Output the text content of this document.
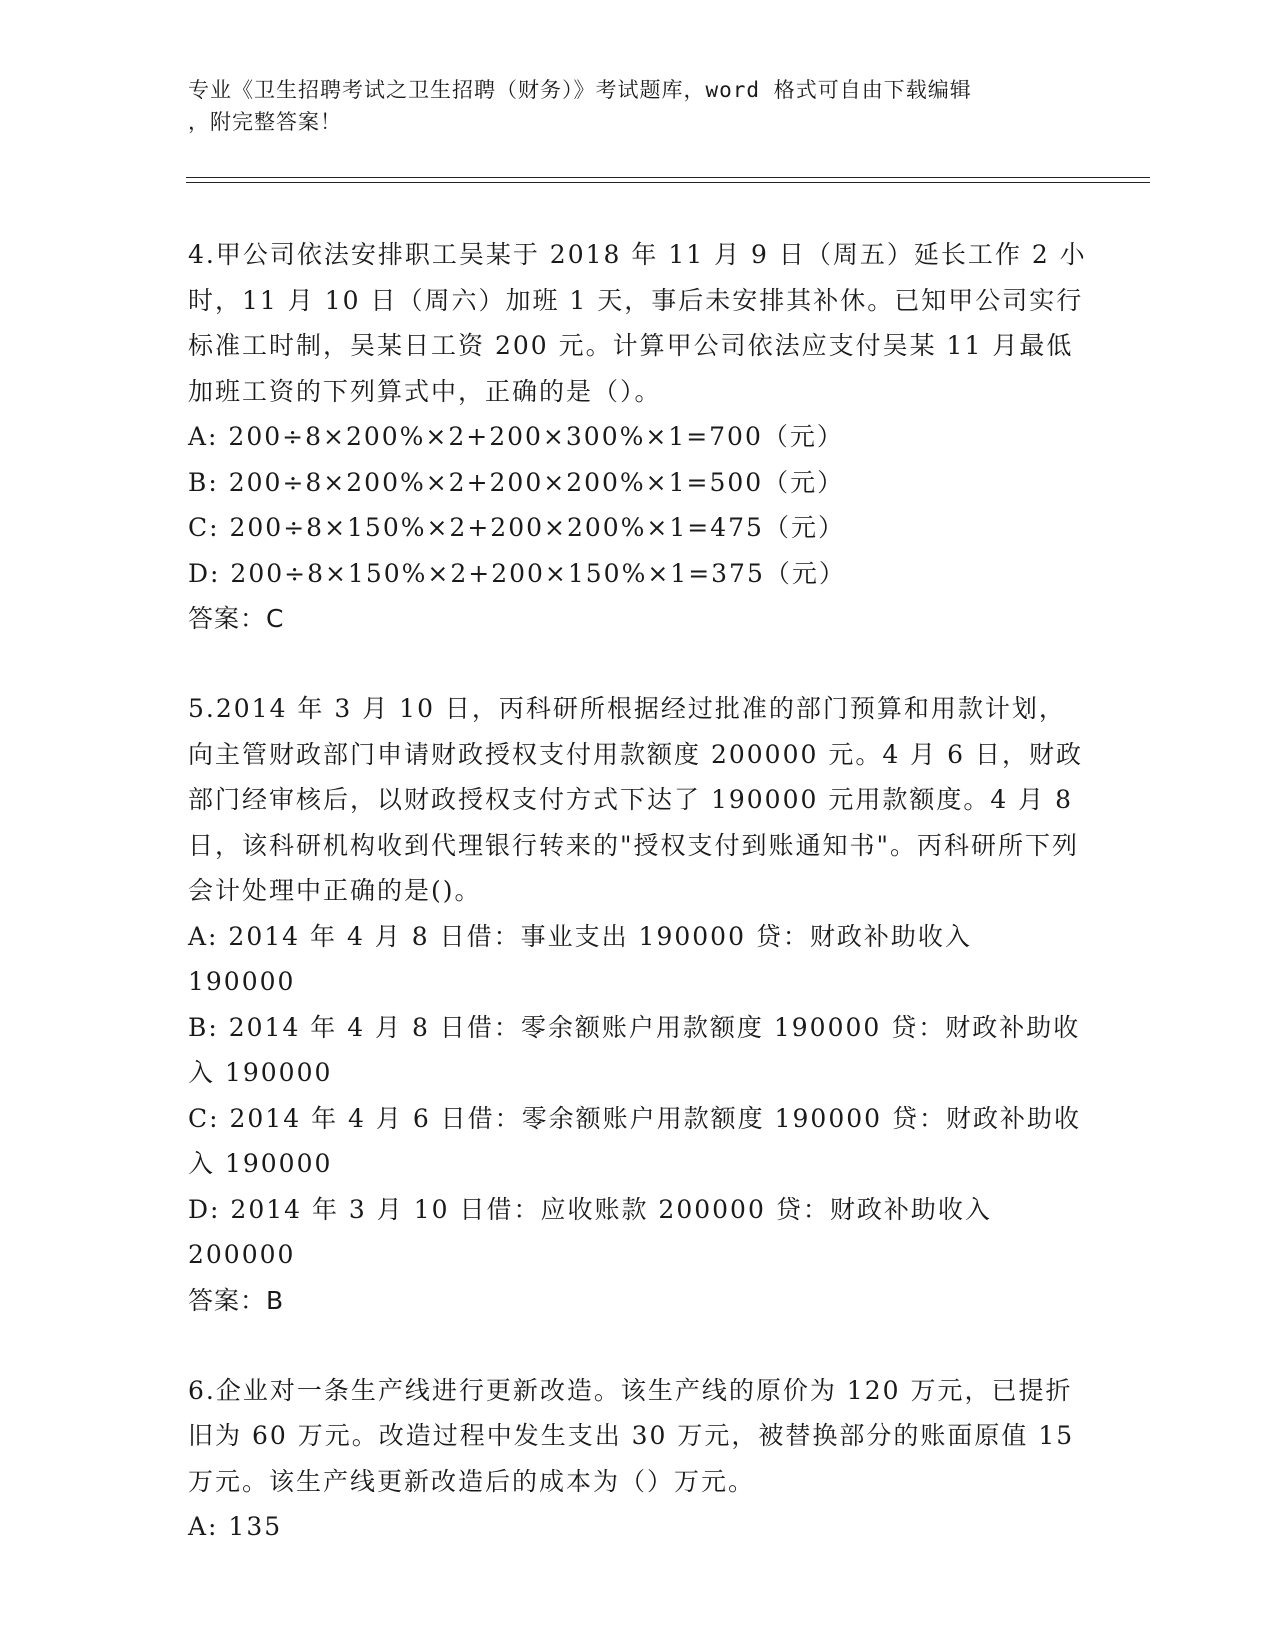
专业《卫生招聘考试之卫生招聘（财务）》考试题库，word 格式可自由下载编辑

，附完整答案！

4.甲公司依法安排职工吴某于 2018 年 11 月 9 日（周五）延长工作 2 小时，11 月 10 日（周六）加班 1 天，事后未安排其补休。已知甲公司实行标准工时制，吴某日工资 200 元。计算甲公司依法应支付吴某 11 月最低加班工资的下列算式中，正确的是（）。

A: 200÷8×200%×2+200×300%×1=700（元）

B: 200÷8×200%×2+200×200%×1=500（元）

C: 200÷8×150%×2+200×200%×1=475（元）

D: 200÷8×150%×2+200×150%×1=375（元）

答案：C

5.2014 年 3 月 10 日，丙科研所根据经过批准的部门预算和用款计划，向主管财政部门申请财政授权支付用款额度 200000 元。4 月 6 日，财政部门经审核后，以财政授权支付方式下达了 190000 元用款额度。4 月 8 日，该科研机构收到代理银行转来的"授权支付到账通知书"。丙科研所下列会计处理中正确的是()。

A: 2014 年 4 月 8 日借：事业支出 190000 贷：财政补助收入 190000

B: 2014 年 4 月 8 日借：零余额账户用款额度 190000 贷：财政补助收入 190000

C: 2014 年 4 月 6 日借：零余额账户用款额度 190000 贷：财政补助收入 190000

D: 2014 年 3 月 10 日借：应收账款 200000 贷：财政补助收入 200000

答案：B

6.企业对一条生产线进行更新改造。该生产线的原价为 120 万元，已提折旧为 60 万元。改造过程中发生支出 30 万元，被替换部分的账面原值 15 万元。该生产线更新改造后的成本为（）万元。

A: 135
